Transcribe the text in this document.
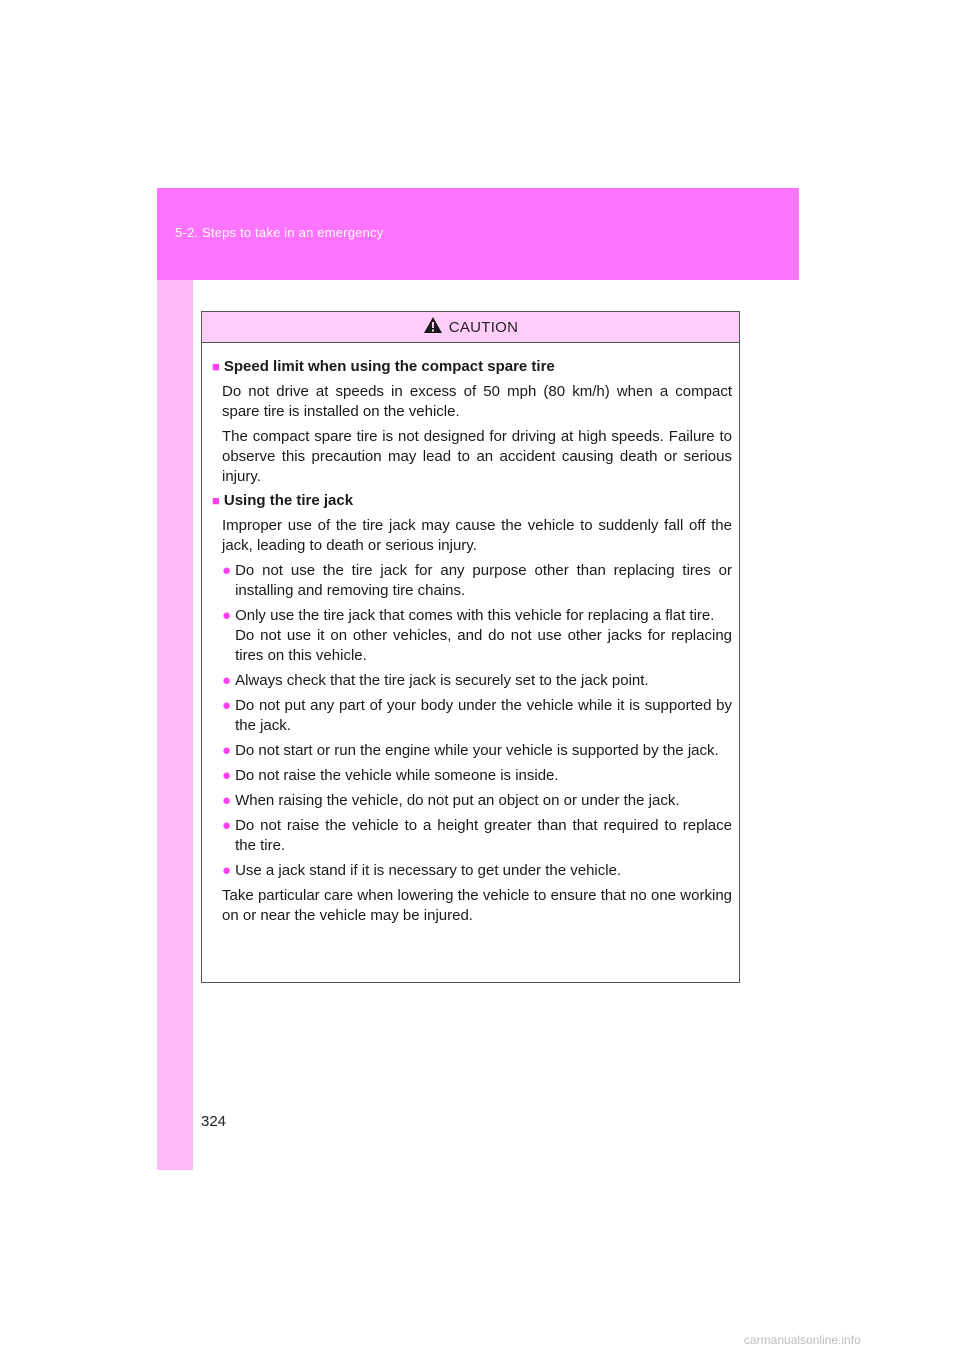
5-2. Steps to take in an emergency
CAUTION
■ Speed limit when using the compact spare tire

Do not drive at speeds in excess of 50 mph (80 km/h) when a compact spare tire is installed on the vehicle.

The compact spare tire is not designed for driving at high speeds. Failure to observe this precaution may lead to an accident causing death or serious injury.

■ Using the tire jack

Improper use of the tire jack may cause the vehicle to suddenly fall off the jack, leading to death or serious injury.

● Do not use the tire jack for any purpose other than replacing tires or installing and removing tire chains.
● Only use the tire jack that comes with this vehicle for replacing a flat tire.
Do not use it on other vehicles, and do not use other jacks for replacing tires on this vehicle.
● Always check that the tire jack is securely set to the jack point.
● Do not put any part of your body under the vehicle while it is supported by the jack.
● Do not start or run the engine while your vehicle is supported by the jack.
● Do not raise the vehicle while someone is inside.
● When raising the vehicle, do not put an object on or under the jack.
● Do not raise the vehicle to a height greater than that required to replace the tire.
● Use a jack stand if it is necessary to get under the vehicle.

Take particular care when lowering the vehicle to ensure that no one working on or near the vehicle may be injured.

324
carmanualsonline.info
